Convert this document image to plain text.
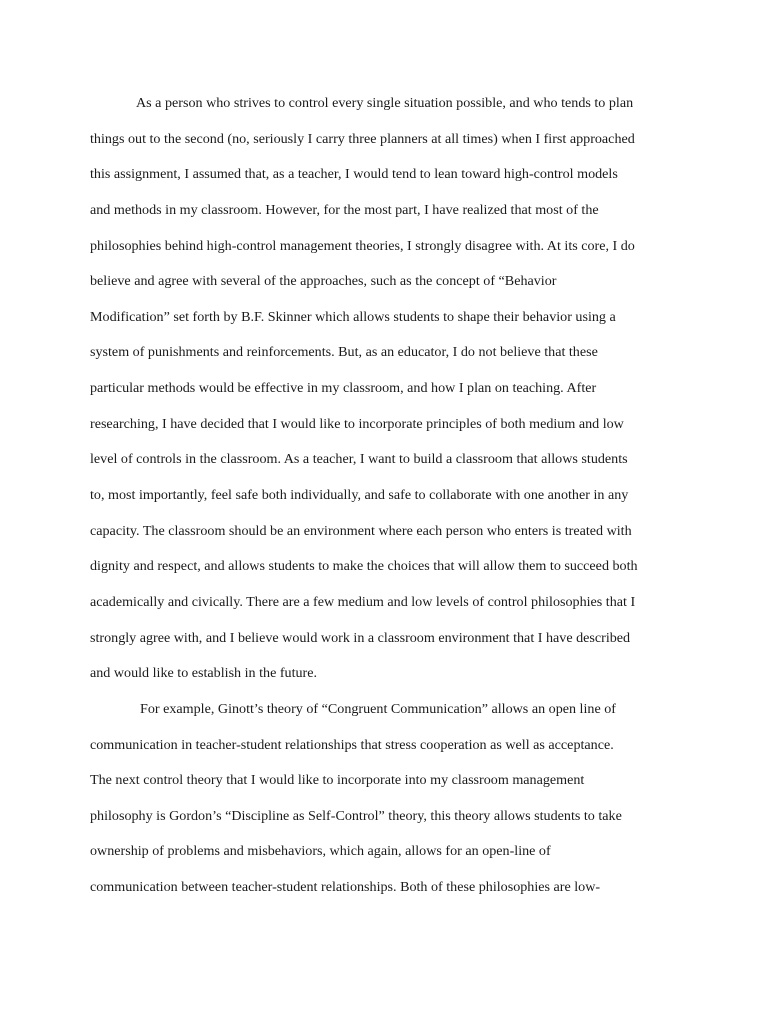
As a person who strives to control every single situation possible, and who tends to plan
things out to the second (no, seriously I carry three planners at all times) when I first approached
this assignment, I assumed that, as a teacher, I would tend to lean toward high-control models
and methods in my classroom. However, for the most part, I have realized that most of the
philosophies behind high-control management theories, I strongly disagree with. At its core, I do
believe and agree with several of the approaches, such as the concept of “Behavior
Modification” set forth by B.F. Skinner which allows students to shape their behavior using a
system of punishments and reinforcements. But, as an educator, I do not believe that these
particular methods would be effective in my classroom, and how I plan on teaching. After
researching, I have decided that I would like to incorporate principles of both medium and low
level of controls in the classroom. As a teacher, I want to build a classroom that allows students
to, most importantly, feel safe both individually, and safe to collaborate with one another in any
capacity. The classroom should be an environment where each person who enters is treated with
dignity and respect, and allows students to make the choices that will allow them to succeed both
academically and civically. There are a few medium and low levels of control philosophies that I
strongly agree with, and I believe would work in a classroom environment that I have described
and would like to establish in the future.
For example, Ginott’s theory of “Congruent Communication” allows an open line of
communication in teacher-student relationships that stress cooperation as well as acceptance.
The next control theory that I would like to incorporate into my classroom management
philosophy is Gordon’s “Discipline as Self-Control” theory, this theory allows students to take
ownership of problems and misbehaviors, which again, allows for an open-line of
communication between teacher-student relationships. Both of these philosophies are low-
